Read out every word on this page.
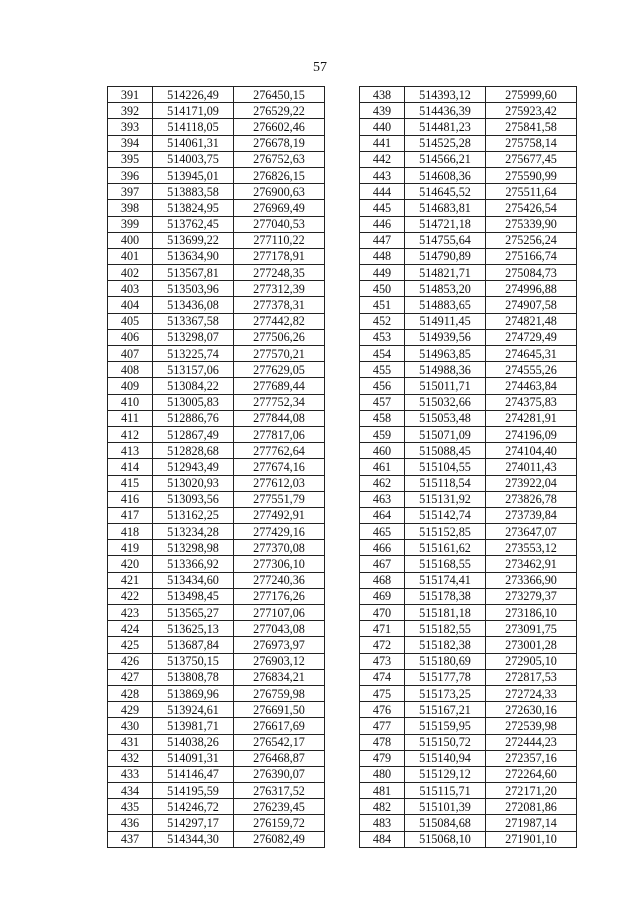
57
391	514226,49	276450,15
392	514171,09	276529,22
393	514118,05	276602,46
394	514061,31	276678,19
395	514003,75	276752,63
396	513945,01	276826,15
397	513883,58	276900,63
398	513824,95	276969,49
399	513762,45	277040,53
400	513699,22	277110,22
401	513634,90	277178,91
402	513567,81	277248,35
403	513503,96	277312,39
404	513436,08	277378,31
405	513367,58	277442,82
406	513298,07	277506,26
407	513225,74	277570,21
408	513157,06	277629,05
409	513084,22	277689,44
410	513005,83	277752,34
411	512886,76	277844,08
412	512867,49	277817,06
413	512828,68	277762,64
414	512943,49	277674,16
415	513020,93	277612,03
416	513093,56	277551,79
417	513162,25	277492,91
418	513234,28	277429,16
419	513298,98	277370,08
420	513366,92	277306,10
421	513434,60	277240,36
422	513498,45	277176,26
423	513565,27	277107,06
424	513625,13	277043,08
425	513687,84	276973,97
426	513750,15	276903,12
427	513808,78	276834,21
428	513869,96	276759,98
429	513924,61	276691,50
430	513981,71	276617,69
431	514038,26	276542,17
432	514091,31	276468,87
433	514146,47	276390,07
434	514195,59	276317,52
435	514246,72	276239,45
436	514297,17	276159,72
437	514344,30	276082,49
438	514393,12	275999,60
439	514436,39	275923,42
440	514481,23	275841,58
441	514525,28	275758,14
442	514566,21	275677,45
443	514608,36	275590,99
444	514645,52	275511,64
445	514683,81	275426,54
446	514721,18	275339,90
447	514755,64	275256,24
448	514790,89	275166,74
449	514821,71	275084,73
450	514853,20	274996,88
451	514883,65	274907,58
452	514911,45	274821,48
453	514939,56	274729,49
454	514963,85	274645,31
455	514988,36	274555,26
456	515011,71	274463,84
457	515032,66	274375,83
458	515053,48	274281,91
459	515071,09	274196,09
460	515088,45	274104,40
461	515104,55	274011,43
462	515118,54	273922,04
463	515131,92	273826,78
464	515142,74	273739,84
465	515152,85	273647,07
466	515161,62	273553,12
467	515168,55	273462,91
468	515174,41	273366,90
469	515178,38	273279,37
470	515181,18	273186,10
471	515182,55	273091,75
472	515182,38	273001,28
473	515180,69	272905,10
474	515177,78	272817,53
475	515173,25	272724,33
476	515167,21	272630,16
477	515159,95	272539,98
478	515150,72	272444,23
479	515140,94	272357,16
480	515129,12	272264,60
481	515115,71	272171,20
482	515101,39	272081,86
483	515084,68	271987,14
484	515068,10	271901,10
